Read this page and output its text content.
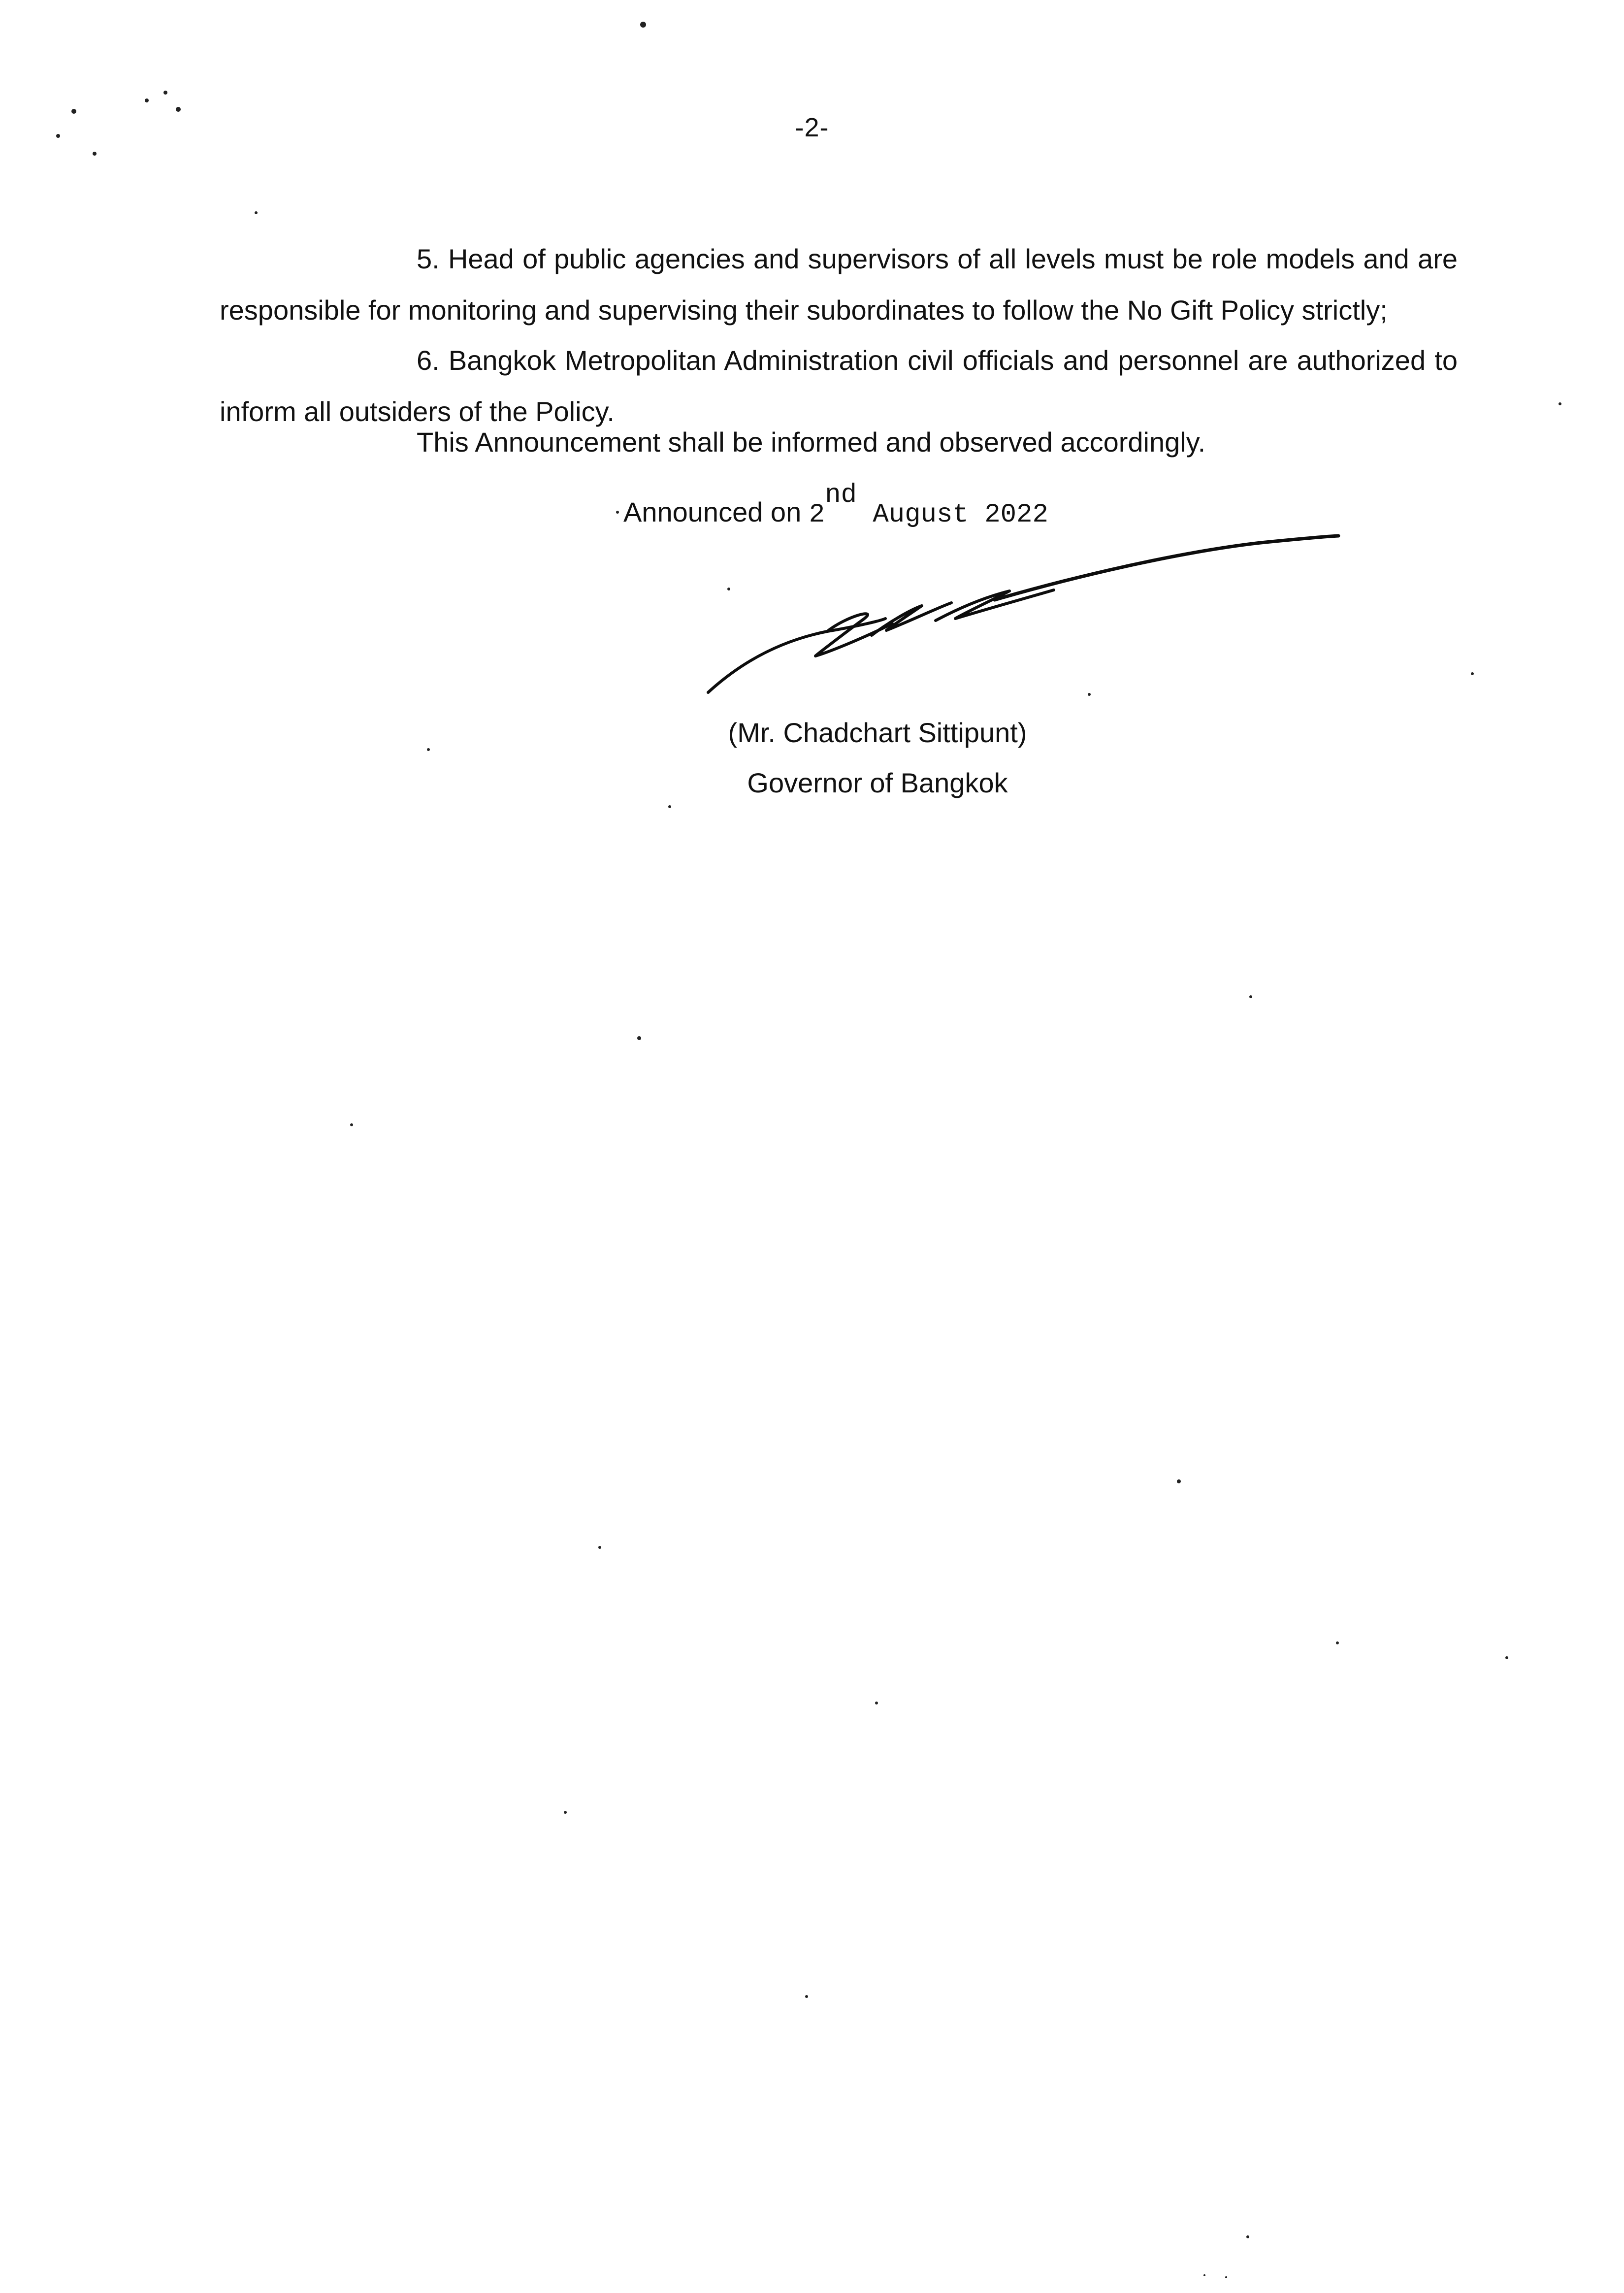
-2-

5. Head of public agencies and supervisors of all levels must be role models and are responsible for monitoring and supervising their subordinates to follow the No Gift Policy strictly;

6. Bangkok Metropolitan Administration civil officials and personnel are authorized to inform all outsiders of the Policy.

This Announcement shall be informed and observed accordingly.
Announced on 2nd August 2022
(Mr. Chadchart Sittipunt)
Governor of Bangkok
